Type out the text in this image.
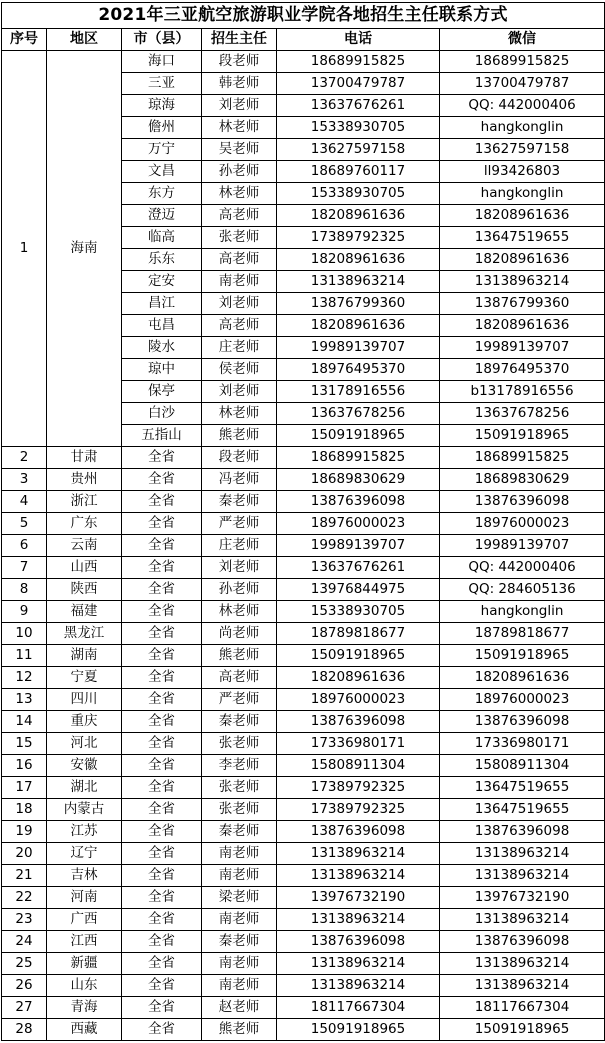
2021年三亚航空旅游职业学院各地招生主任联系方式					
序号	地区	市（县）	招生主任	电话	微信
1	海南	海口	段老师	18689915825	18689915825
		三亚	韩老师	13700479787	13700479787
		琼海	刘老师	13637676261	QQ: 442000406
		儋州	林老师	15338930705	hangkonglin
		万宁	吴老师	13627597158	13627597158
		文昌	孙老师	18689760117	ll93426803
		东方	林老师	15338930705	hangkonglin
		澄迈	高老师	18208961636	18208961636
		临高	张老师	17389792325	13647519655
		乐东	高老师	18208961636	18208961636
		定安	南老师	13138963214	13138963214
		昌江	刘老师	13876799360	13876799360
		屯昌	高老师	18208961636	18208961636
		陵水	庄老师	19989139707	19989139707
		琼中	侯老师	18976495370	18976495370
		保亭	刘老师	13178916556	b13178916556
		白沙	林老师	13637678256	13637678256
		五指山	熊老师	15091918965	15091918965
2	甘肃	全省	段老师	18689915825	18689915825
3	贵州	全省	冯老师	18689830629	18689830629
4	浙江	全省	秦老师	13876396098	13876396098
5	广东	全省	严老师	18976000023	18976000023
6	云南	全省	庄老师	19989139707	19989139707
7	山西	全省	刘老师	13637676261	QQ: 442000406
8	陕西	全省	孙老师	13976844975	QQ: 284605136
9	福建	全省	林老师	15338930705	hangkonglin
10	黑龙江	全省	尚老师	18789818677	18789818677
11	湖南	全省	熊老师	15091918965	15091918965
12	宁夏	全省	高老师	18208961636	18208961636
13	四川	全省	严老师	18976000023	18976000023
14	重庆	全省	秦老师	13876396098	13876396098
15	河北	全省	张老师	17336980171	17336980171
16	安徽	全省	李老师	15808911304	15808911304
17	湖北	全省	张老师	17389792325	13647519655
18	内蒙古	全省	张老师	17389792325	13647519655
19	江苏	全省	秦老师	13876396098	13876396098
20	辽宁	全省	南老师	13138963214	13138963214
21	吉林	全省	南老师	13138963214	13138963214
22	河南	全省	梁老师	13976732190	13976732190
23	广西	全省	南老师	13138963214	13138963214
24	江西	全省	秦老师	13876396098	13876396098
25	新疆	全省	南老师	13138963214	13138963214
26	山东	全省	南老师	13138963214	13138963214
27	青海	全省	赵老师	18117667304	18117667304
28	西藏	全省	熊老师	15091918965	15091918965
